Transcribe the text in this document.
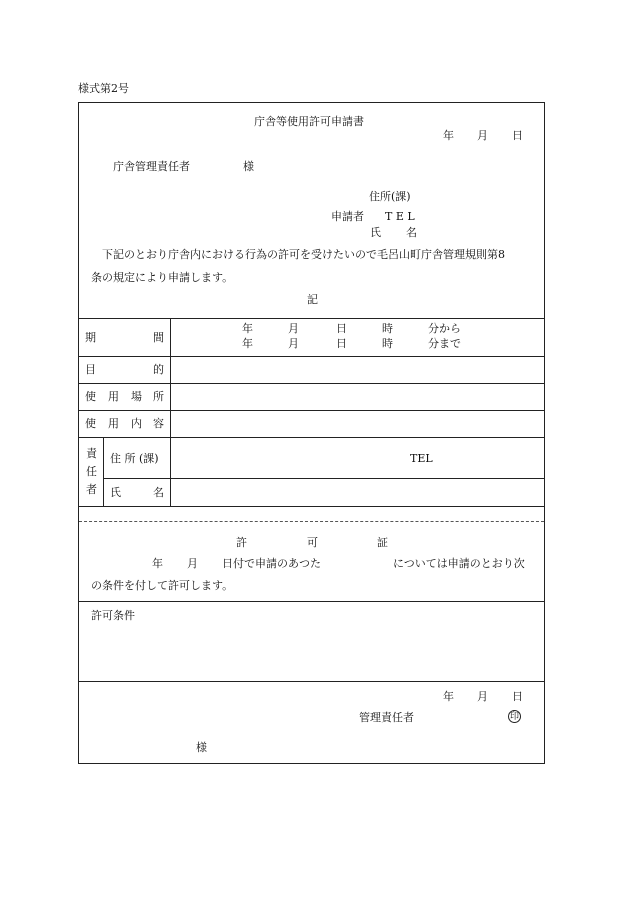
様式第2号
庁舎等使用許可申請書
年 月 日
庁舎管理責任者	様
住所(課)
申請者 T E L
氏 名
下記のとおり庁舎内における行為の許可を受けたいので毛呂山町庁舎管理規則第8
条の規定により申請します。
記
期	間
年	月	日	時	分から
年	月	日	時	分まで
目	的
使 用 場 所
使 用 内 容
責
任
者
住 所 (課)	TEL
氏	名
許	可	証
年 月 日付で申請のあつた	については申請のとおり次
の条件を付して許可します。
許可条件
年 月 日
管理責任者	印
様
